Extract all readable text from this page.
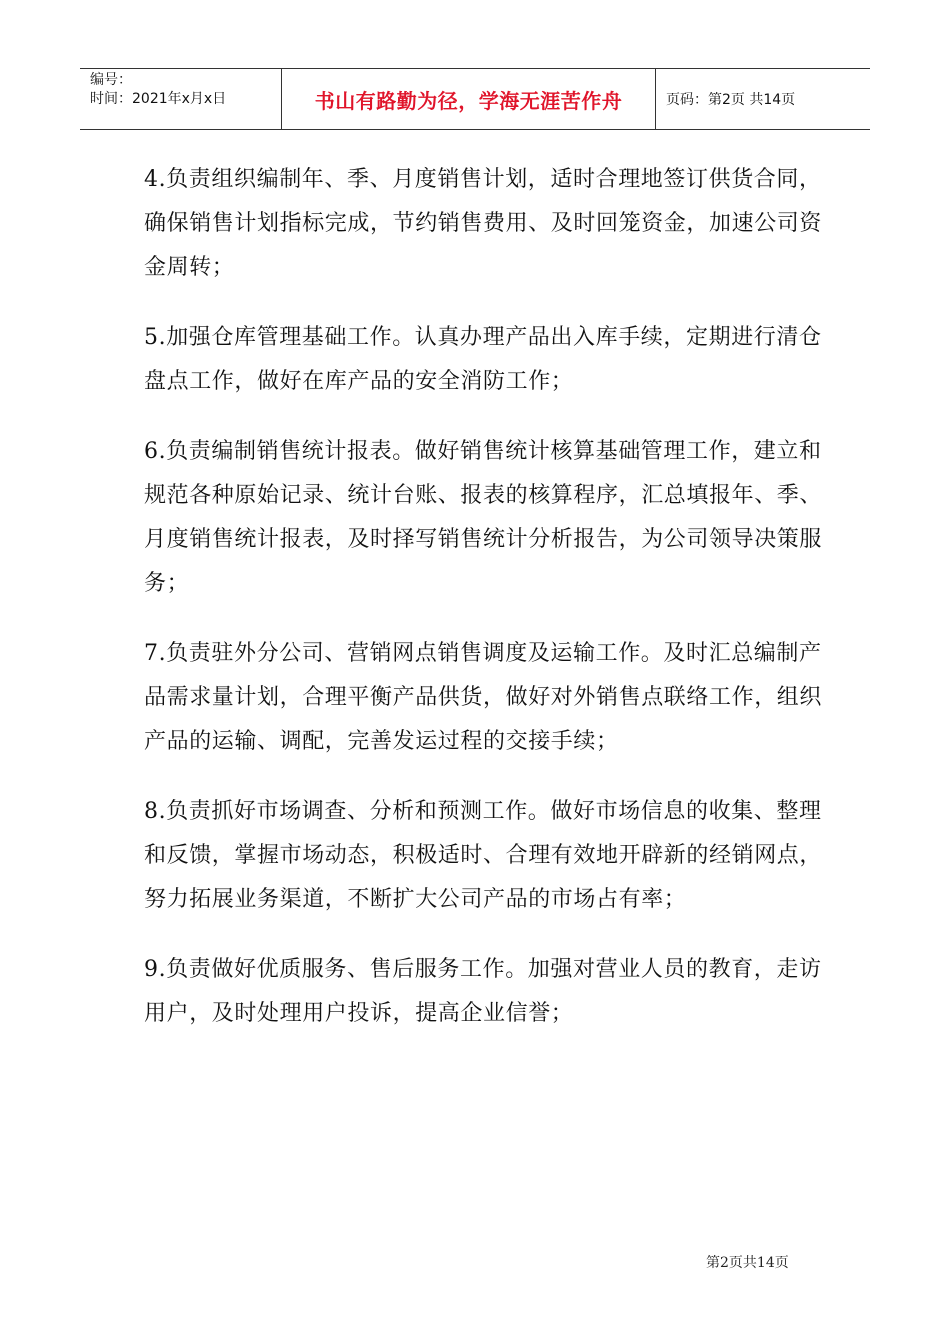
编号：
时间：2021年x月x日	书山有路勤为径，学海无涯苦作舟	页码：第2页 共14页

4.负责组织编制年、季、月度销售计划，适时合理地签订供货合同，确保销售计划指标完成，节约销售费用、及时回笼资金，加速公司资金周转；

5.加强仓库管理基础工作。认真办理产品出入库手续，定期进行清仓盘点工作，做好在库产品的安全消防工作；

6.负责编制销售统计报表。做好销售统计核算基础管理工作，建立和规范各种原始记录、统计台账、报表的核算程序，汇总填报年、季、月度销售统计报表，及时择写销售统计分析报告，为公司领导决策服务；

7.负责驻外分公司、营销网点销售调度及运输工作。及时汇总编制产品需求量计划，合理平衡产品供货，做好对外销售点联络工作，组织产品的运输、调配，完善发运过程的交接手续；

8.负责抓好市场调查、分析和预测工作。做好市场信息的收集、整理和反馈，掌握市场动态，积极适时、合理有效地开辟新的经销网点，努力拓展业务渠道，不断扩大公司产品的市场占有率；

9.负责做好优质服务、售后服务工作。加强对营业人员的教育，走访用户，及时处理用户投诉，提高企业信誉；

第2页共14页
